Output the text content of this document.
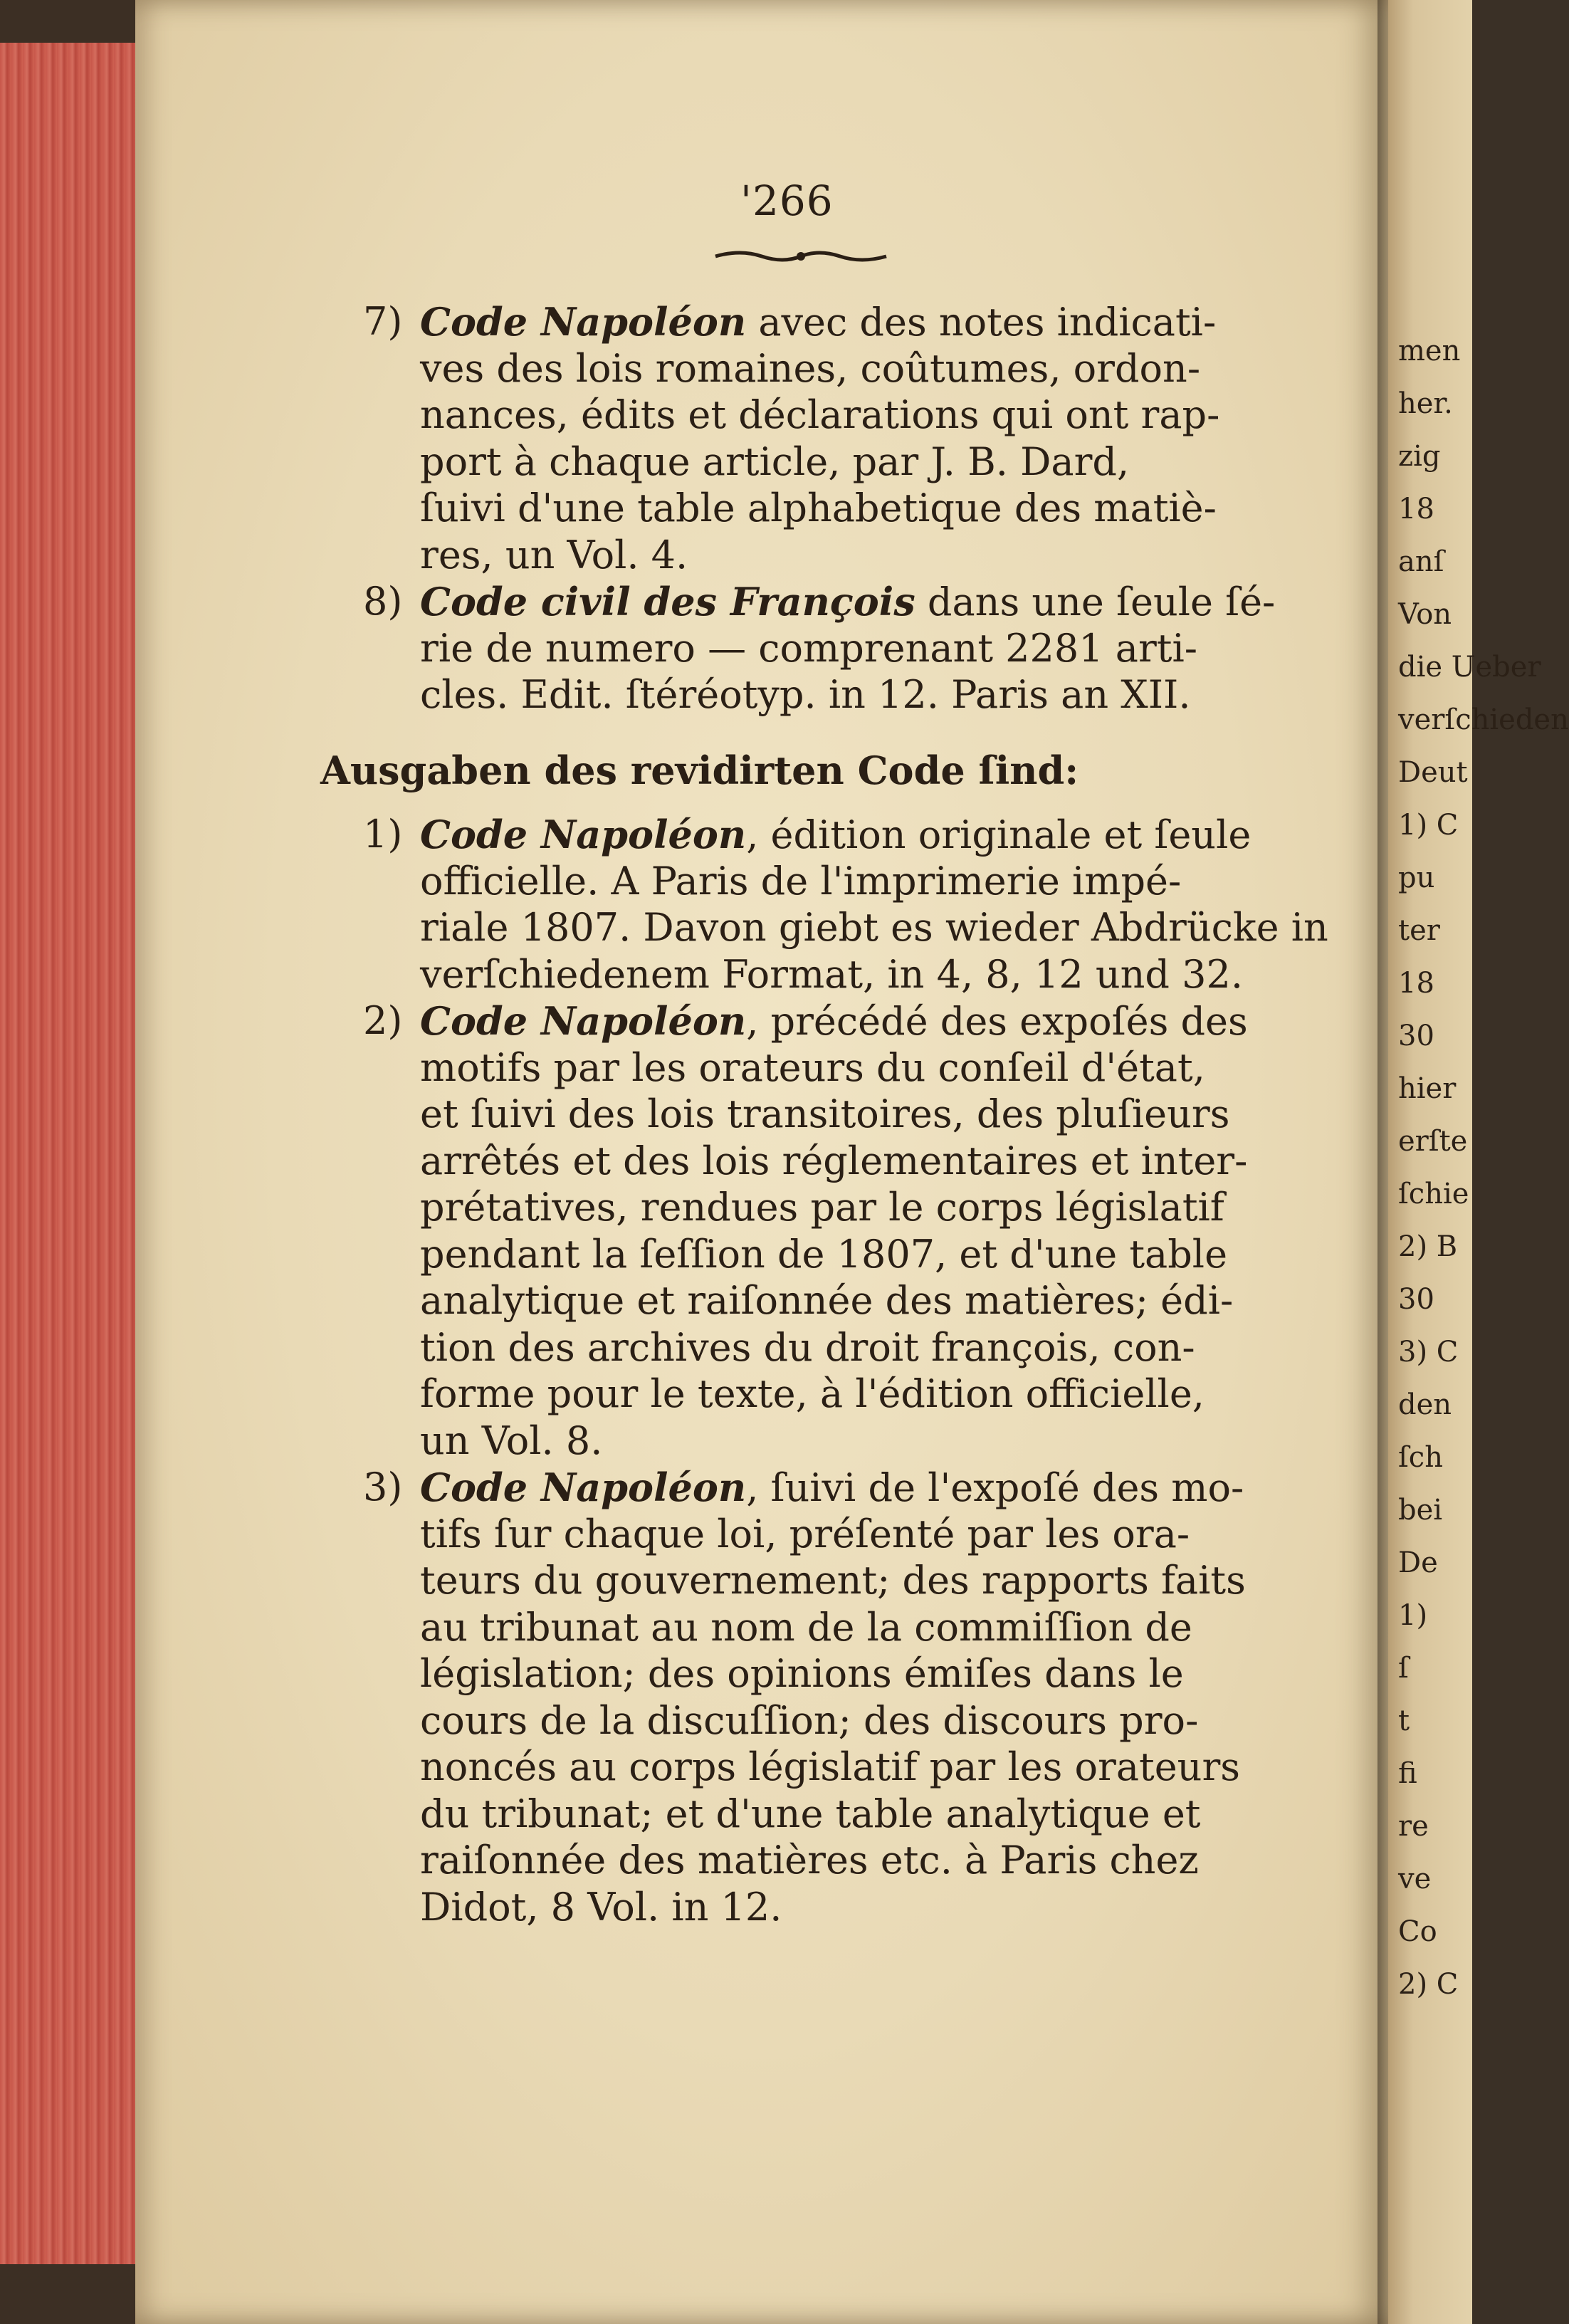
men
her.
zig
18
anſ
Von
die Ueber
verſchieden
Deut
1) C
pu
ter
18
30
hier
erſte
ſchie
2) B
30
3) C
den
ſch
bei
De
1)
ſ
t
fi
re
ve
Co
2) C
'266
7) Code Napoléon avec des notes indicati-
ves des lois romaines, coûtumes, ordon-
nances, édits et déclarations qui ont rap-
port à chaque article, par J. B. Dard,
ſuivi d'une table alphabetique des matiè-
res, un Vol. 4.
8) Code civil des François dans une ſeule ſé-
rie de numero — comprenant 2281 arti-
cles. Edit. ſtéréotyp. in 12. Paris an XII.
Ausgaben des revidirten Code ſind:
1) Code Napoléon, édition originale et ſeule
officielle. A Paris de l'imprimerie impé-
riale 1807. Davon giebt es wieder Abdrücke in
verſchiedenem Format, in 4, 8, 12 und 32.
2) Code Napoléon, précédé des expoſés des
motifs par les orateurs du conſeil d'état,
et ſuivi des lois transitoires, des pluſieurs
arrêtés et des lois réglementaires et inter-
prétatives, rendues par le corps législatif
pendant la ſeſſion de 1807, et d'une table
analytique et raiſonnée des matières; édi-
tion des archives du droit françois, con-
forme pour le texte, à l'édition officielle,
un Vol. 8.
3) Code Napoléon, ſuivi de l'expoſé des mo-
tifs ſur chaque loi, préſenté par les ora-
teurs du gouvernement; des rapports faits
au tribunat au nom de la commiſſion de
législation; des opinions émiſes dans le
cours de la discuſſion; des discours pro-
noncés au corps législatif par les orateurs
du tribunat; et d'une table analytique et
raiſonnée des matières etc. à Paris chez
Didot, 8 Vol. in 12.
